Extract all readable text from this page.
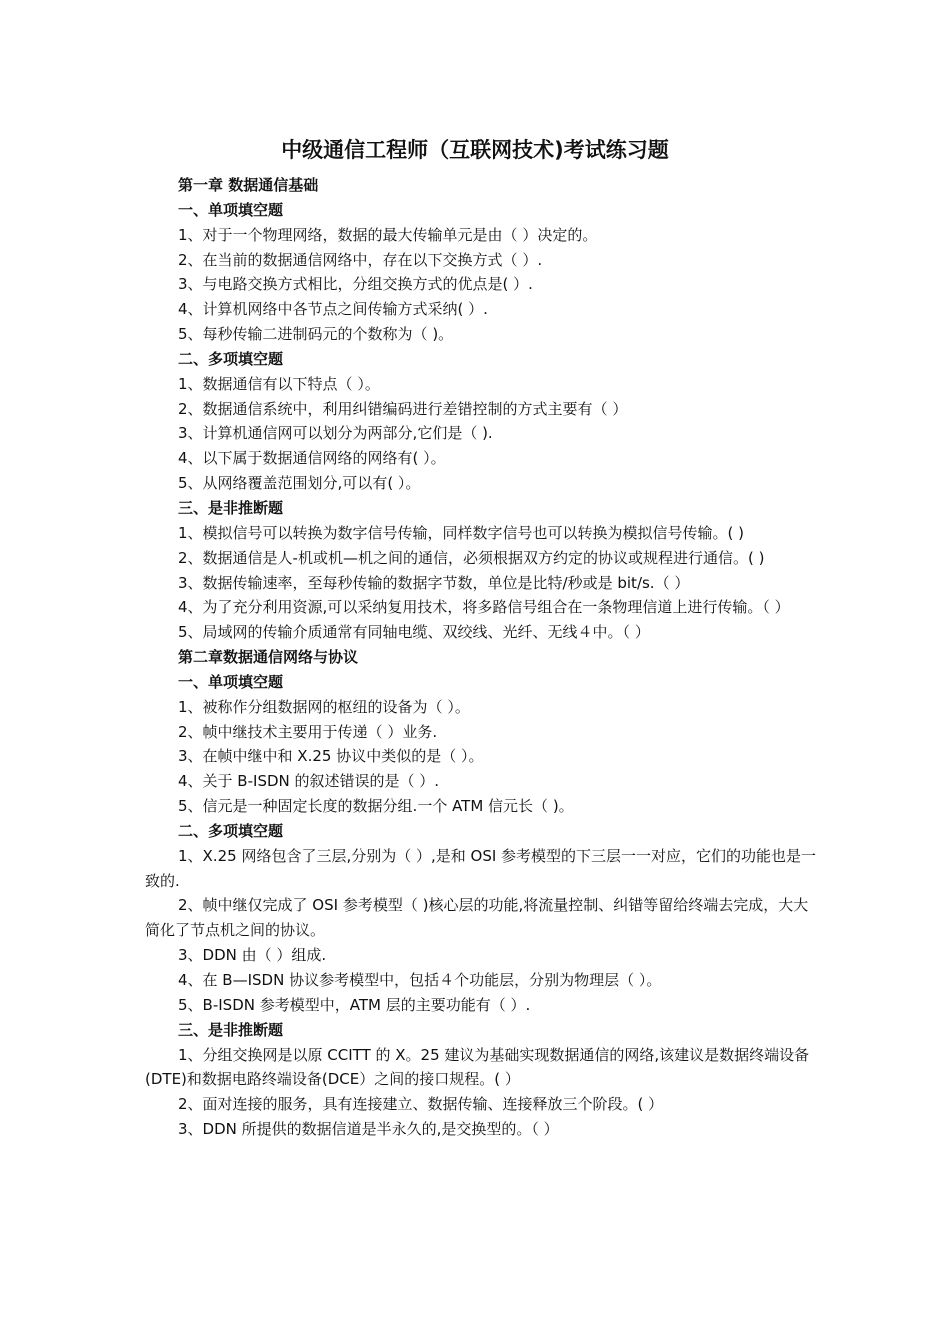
中级通信工程师（互联网技术)考试练习题

第一章 数据通信基础

一、单项填空题

1、对于一个物理网络，数据的最大传输单元是由（ ）决定的。

2、在当前的数据通信网络中，存在以下交换方式（ ）.

3、与电路交换方式相比，分组交换方式的优点是( ）.

4、计算机网络中各节点之间传输方式采纳( ）.

5、每秒传输二进制码元的个数称为（ )。

二、多项填空题

1、数据通信有以下特点（ ）。

2、数据通信系统中，利用纠错编码进行差错控制的方式主要有（ ）

3、计算机通信网可以划分为两部分,它们是（ ).

4、以下属于数据通信网络的网络有( ）。

5、从网络覆盖范围划分,可以有( ）。

三、是非推断题

1、模拟信号可以转换为数字信号传输，同样数字信号也可以转换为模拟信号传输。( )

2、数据通信是人-机或机—机之间的通信，必须根据双方约定的协议或规程进行通信。( )

3、数据传输速率，至每秒传输的数据字节数，单位是比特/秒或是 bit/s.（ ）

4、为了充分利用资源,可以采纳复用技术，将多路信号组合在一条物理信道上进行传输。（ ）

5、局域网的传输介质通常有同轴电缆、双绞线、光纤、无线４中。（ ）

第二章数据通信网络与协议

一、单项填空题

1、被称作分组数据网的枢纽的设备为（ ）。

2、帧中继技术主要用于传递（ ）业务.

3、在帧中继中和 X.25 协议中类似的是（ ）。

4、关于 B-ISDN 的叙述错误的是（ ）.

5、信元是一种固定长度的数据分组.一个 ATM 信元长（ )。

二、多项填空题

1、X.25 网络包含了三层,分别为（ ）,是和 OSI 参考模型的下三层一一对应，它们的功能也是一致的.

2、帧中继仅完成了 OSI 参考模型（ )核心层的功能,将流量控制、纠错等留给终端去完成，大大简化了节点机之间的协议。

3、DDN 由（ ）组成.

4、在 B—ISDN 协议参考模型中，包括４个功能层，分别为物理层（ ）。

5、B-ISDN 参考模型中，ATM 层的主要功能有（ ）.

三、是非推断题

1、分组交换网是以原 CCITT 的 X。25 建议为基础实现数据通信的网络,该建议是数据终端设备(DTE)和数据电路终端设备(DCE）之间的接口规程。( ）

2、面对连接的服务，具有连接建立、数据传输、连接释放三个阶段。( ）

3、DDN 所提供的数据信道是半永久的,是交换型的。（ ）
